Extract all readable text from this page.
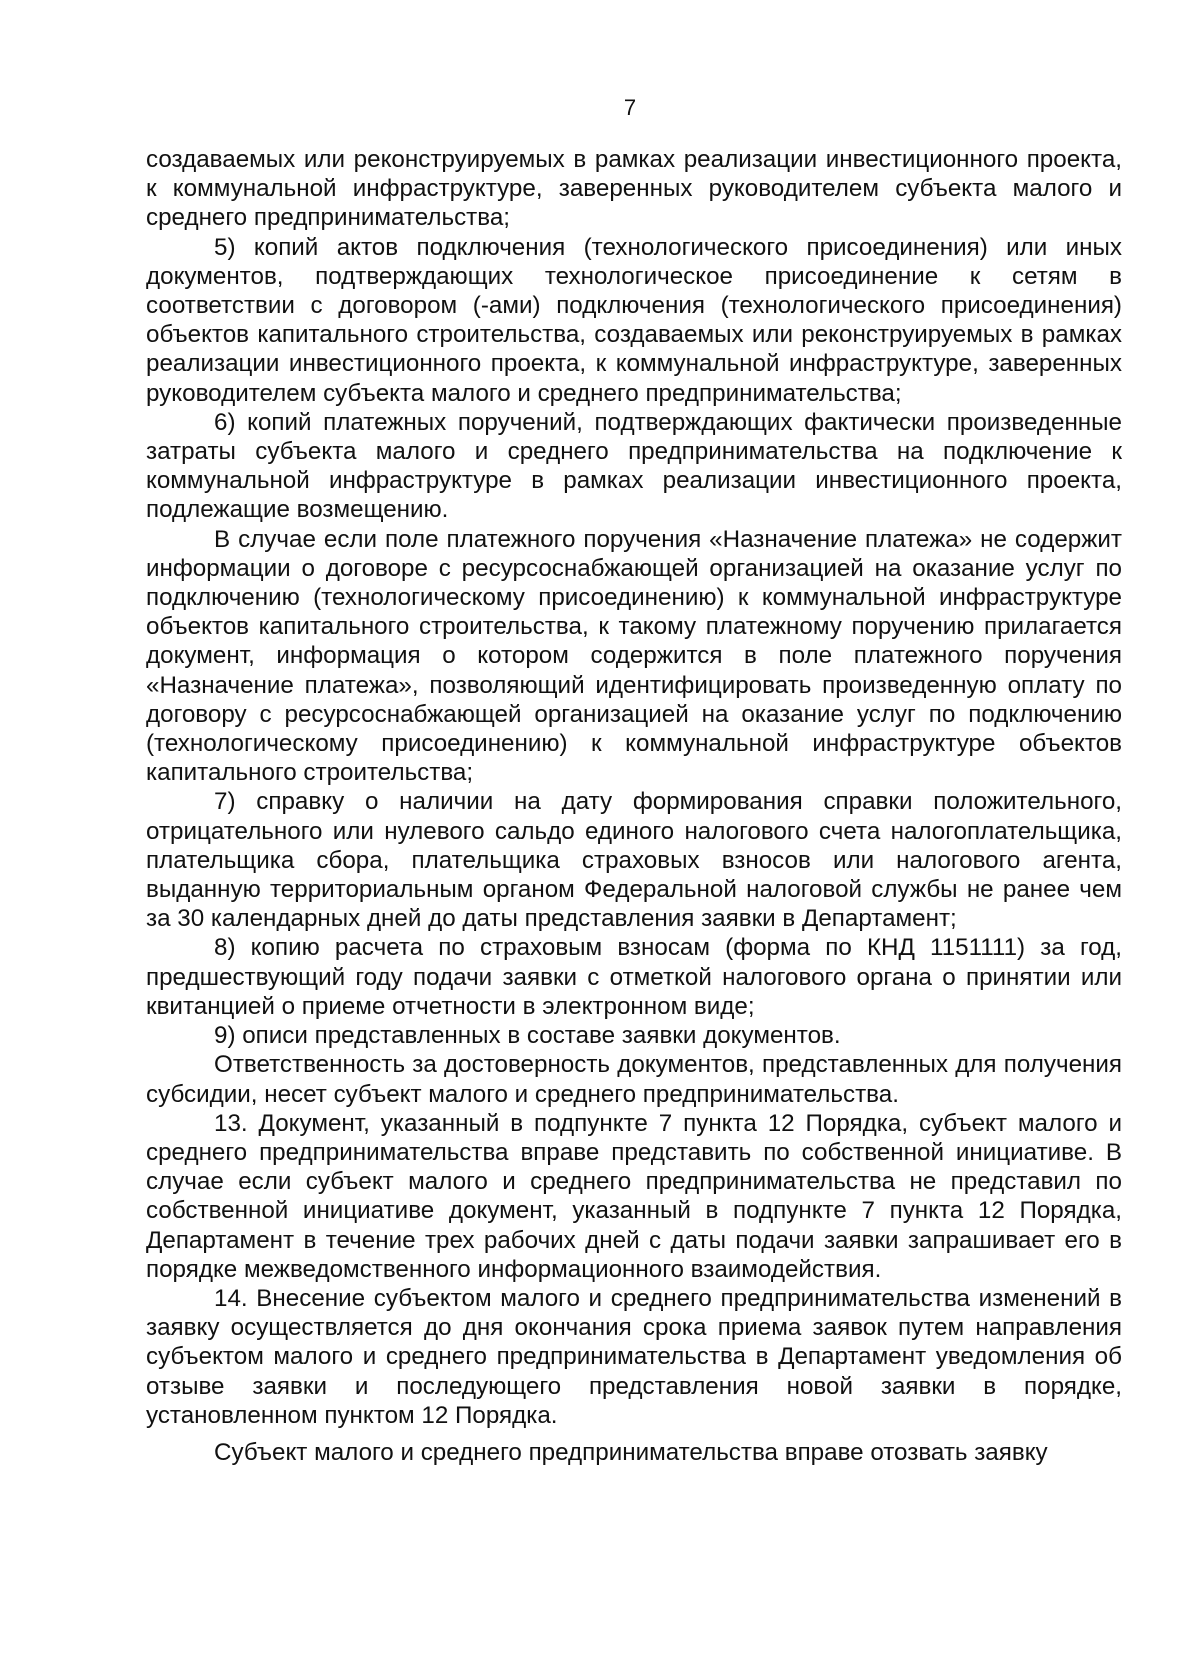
7

создаваемых или реконструируемых в рамках реализации инвестиционного проекта, к коммунальной инфраструктуре, заверенных руководителем субъекта малого и среднего предпринимательства;

5) копий актов подключения (технологического присоединения) или иных документов, подтверждающих технологическое присоединение к сетям в соответствии с договором (-ами) подключения (технологического присоединения) объектов капитального строительства, создаваемых или реконструируемых в рамках реализации инвестиционного проекта, к коммунальной инфраструктуре, заверенных руководителем субъекта малого и среднего предпринимательства;

6) копий платежных поручений, подтверждающих фактически произведенные затраты субъекта малого и среднего предпринимательства на подключение к коммунальной инфраструктуре в рамках реализации инвестиционного проекта, подлежащие возмещению.

В случае если поле платежного поручения «Назначение платежа» не содержит информации о договоре с ресурсоснабжающей организацией на оказание услуг по подключению (технологическому присоединению) к коммунальной инфраструктуре объектов капитального строительства, к такому платежному поручению прилагается документ, информация о котором содержится в поле платежного поручения «Назначение платежа», позволяющий идентифицировать произведенную оплату по договору с ресурсоснабжающей организацией на оказание услуг по подключению (технологическому присоединению) к коммунальной инфраструктуре объектов капитального строительства;

7) справку о наличии на дату формирования справки положительного, отрицательного или нулевого сальдо единого налогового счета налогоплательщика, плательщика сбора, плательщика страховых взносов или налогового агента, выданную территориальным органом Федеральной налоговой службы не ранее чем за 30 календарных дней до даты представления заявки в Департамент;

8) копию расчета по страховым взносам (форма по КНД 1151111) за год, предшествующий году подачи заявки с отметкой налогового органа о принятии или квитанцией о приеме отчетности в электронном виде;

9) описи представленных в составе заявки документов.

Ответственность за достоверность документов, представленных для получения субсидии, несет субъект малого и среднего предпринимательства.

13. Документ, указанный в подпункте 7 пункта 12 Порядка, субъект малого и среднего предпринимательства вправе представить по собственной инициативе. В случае если субъект малого и среднего предпринимательства не представил по собственной инициативе документ, указанный в подпункте 7 пункта 12 Порядка, Департамент в течение трех рабочих дней с даты подачи заявки запрашивает его в порядке межведомственного информационного взаимодействия.

14. Внесение субъектом малого и среднего предпринимательства изменений в заявку осуществляется до дня окончания срока приема заявок путем направления субъектом малого и среднего предпринимательства в Департамент уведомления об отзыве заявки и последующего представления новой заявки в порядке, установленном пунктом 12 Порядка.

Субъект малого и среднего предпринимательства вправе отозвать заявку
